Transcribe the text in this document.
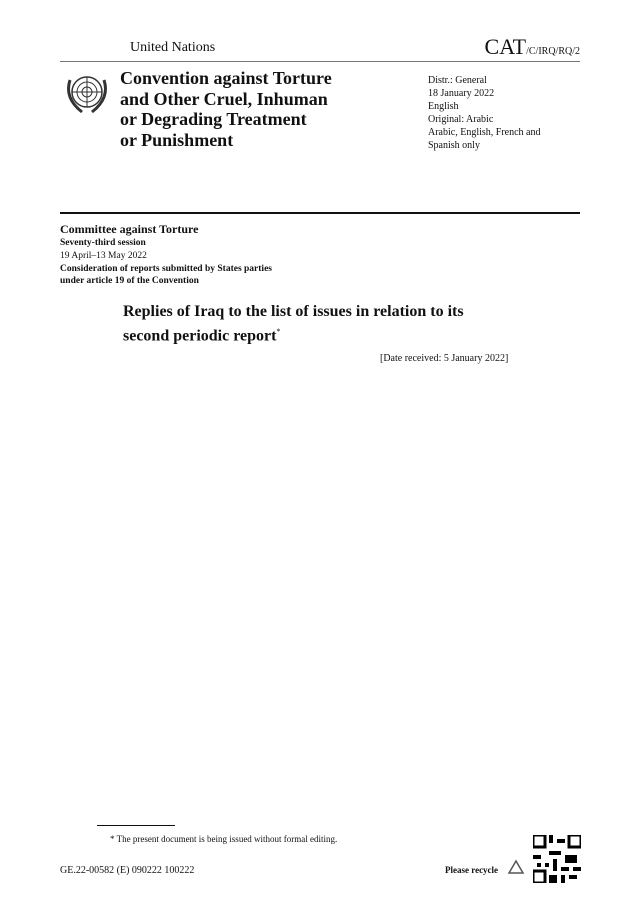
United Nations	CAT/C/IRQ/RQ/2
Convention against Torture
and Other Cruel, Inhuman
or Degrading Treatment
or Punishment
Distr.: General
18 January 2022
English
Original: Arabic
Arabic, English, French and
Spanish only
Committee against Torture
Seventy-third session
19 April–13 May 2022
Consideration of reports submitted by States parties
under article 19 of the Convention
Replies of Iraq to the list of issues in relation to its
second periodic report*
[Date received: 5 January 2022]
* The present document is being issued without formal editing.
GE.22-00582 (E) 090222 100222	Please recycle
